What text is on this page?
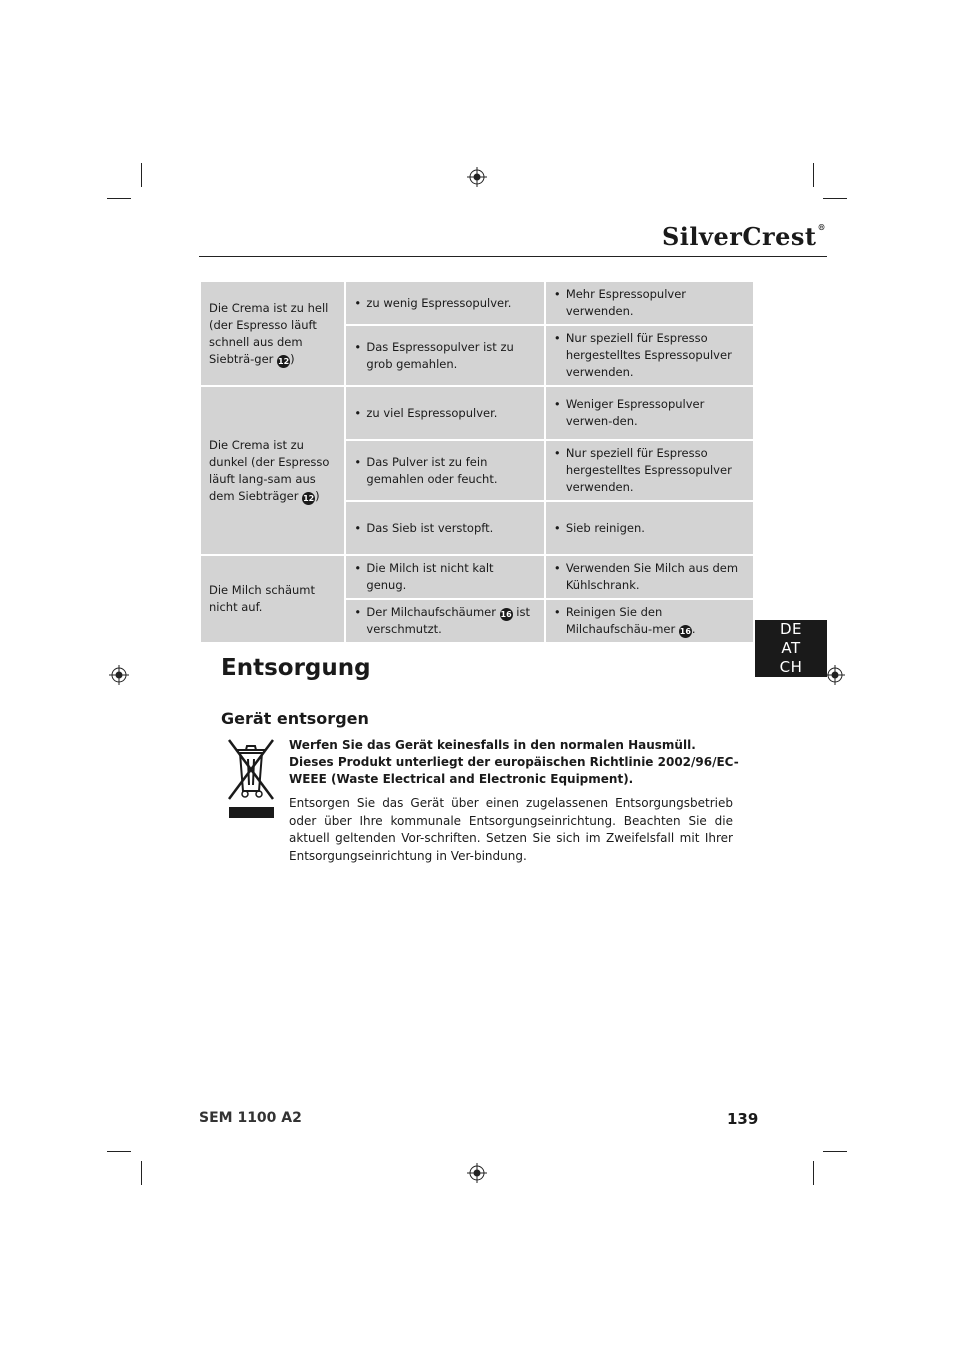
SilverCrest®
Die Crema ist zu hell (der Espresso läuft schnell aus dem Siebträ-ger 12)	• zu wenig Espressopulver.	• Mehr Espressopulver verwenden.

	• Das Espressopulver ist zu grob gemahlen.	• Nur speziell für Espresso hergestelltes Espressopulver verwenden.

Die Crema ist zu dunkel (der Espresso läuft lang-sam aus dem Siebträger 12)	• zu viel Espressopulver.	• Weniger Espressopulver verwen-den.

	• Das Pulver ist zu fein gemahlen oder feucht.	• Nur speziell für Espresso hergestelltes Espressopulver verwenden.

	• Das Sieb ist verstopft.	• Sieb reinigen.

Die Milch schäumt nicht auf.	• Die Milch ist nicht kalt genug.	• Verwenden Sie Milch aus dem Kühlschrank.

	• Der Milchaufschäumer 16 ist verschmutzt.	• Reinigen Sie den Milchaufschäu-mer 16.	DE
AT
CH
Entsorgung
Gerät entsorgen
Werfen Sie das Gerät keinesfalls in den normalen Hausmüll. Dieses Produkt unterliegt der europäischen Richtlinie 2002/96/EC-WEEE (Waste Electrical and Electronic Equipment).
Entsorgen Sie das Gerät über einen zugelassenen Entsorgungsbetrieb oder über Ihre kommunale Entsorgungseinrichtung. Beachten Sie die aktuell geltenden Vor-schriften. Setzen Sie sich im Zweifelsfall mit Ihrer Entsorgungseinrichtung in Ver-bindung.
SEM 1100 A2	139
